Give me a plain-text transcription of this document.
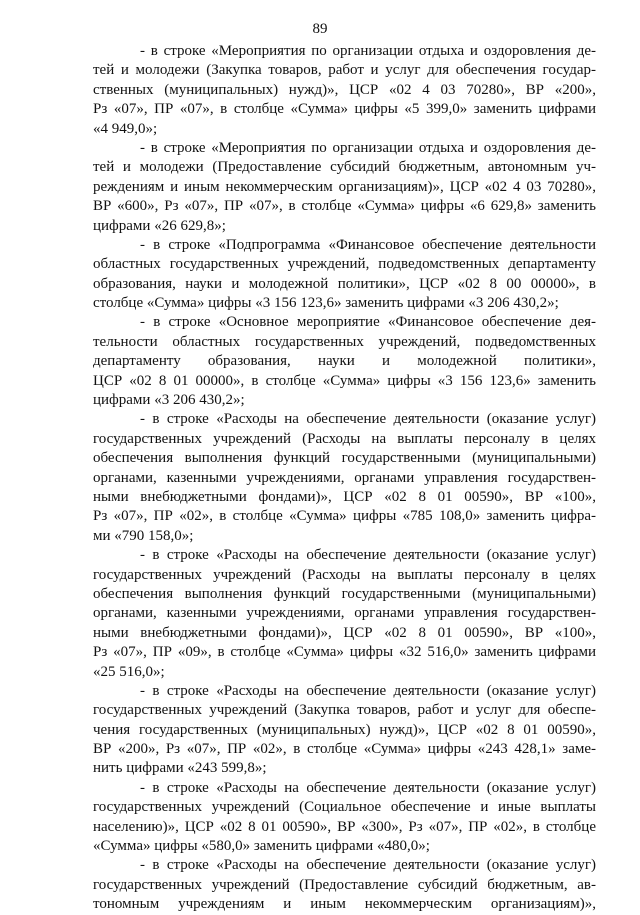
89
- в строке «Мероприятия по организации отдыха и оздоровления де-
тей и молодежи (Закупка товаров, работ и услуг для обеспечения государ-
ственных (муниципальных) нужд)», ЦСР «02 4 03 70280», ВР «200»,
Рз «07», ПР «07», в столбце «Сумма» цифры «5 399,0» заменить цифрами
«4 949,0»;
- в строке «Мероприятия по организации отдыха и оздоровления де-
тей и молодежи (Предоставление субсидий бюджетным, автономным уч-
реждениям и иным некоммерческим организациям)», ЦСР «02 4 03 70280»,
ВР «600», Рз «07», ПР «07», в столбце «Сумма» цифры «6 629,8» заменить
цифрами «26 629,8»;
- в строке «Подпрограмма «Финансовое обеспечение деятельности
областных государственных учреждений, подведомственных департаменту
образования, науки и молодежной политики», ЦСР «02 8 00 00000», в
столбце «Сумма» цифры «3 156 123,6» заменить цифрами «3 206 430,2»;
- в строке «Основное мероприятие «Финансовое обеспечение дея-
тельности областных государственных учреждений, подведомственных
департаменту образования, науки и молодежной политики»,
ЦСР «02 8 01 00000», в столбце «Сумма» цифры «3 156 123,6» заменить
цифрами «3 206 430,2»;
- в строке «Расходы на обеспечение деятельности (оказание услуг)
государственных учреждений (Расходы на выплаты персоналу в целях
обеспечения выполнения функций государственными (муниципальными)
органами, казенными учреждениями, органами управления государствен-
ными внебюджетными фондами)», ЦСР «02 8 01 00590», ВР «100»,
Рз «07», ПР «02», в столбце «Сумма» цифры «785 108,0» заменить цифра-
ми «790 158,0»;
- в строке «Расходы на обеспечение деятельности (оказание услуг)
государственных учреждений (Расходы на выплаты персоналу в целях
обеспечения выполнения функций государственными (муниципальными)
органами, казенными учреждениями, органами управления государствен-
ными внебюджетными фондами)», ЦСР «02 8 01 00590», ВР «100»,
Рз «07», ПР «09», в столбце «Сумма» цифры «32 516,0» заменить цифрами
«25 516,0»;
- в строке «Расходы на обеспечение деятельности (оказание услуг)
государственных учреждений (Закупка товаров, работ и услуг для обеспе-
чения государственных (муниципальных) нужд)», ЦСР «02 8 01 00590»,
ВР «200», Рз «07», ПР «02», в столбце «Сумма» цифры «243 428,1» заме-
нить цифрами «243 599,8»;
- в строке «Расходы на обеспечение деятельности (оказание услуг)
государственных учреждений (Социальное обеспечение и иные выплаты
населению)», ЦСР «02 8 01 00590», ВР «300», Рз «07», ПР «02», в столбце
«Сумма» цифры «580,0» заменить цифрами «480,0»;
- в строке «Расходы на обеспечение деятельности (оказание услуг)
государственных учреждений (Предоставление субсидий бюджетным, ав-
тономным учреждениям и иным некоммерческим организациям)»,
